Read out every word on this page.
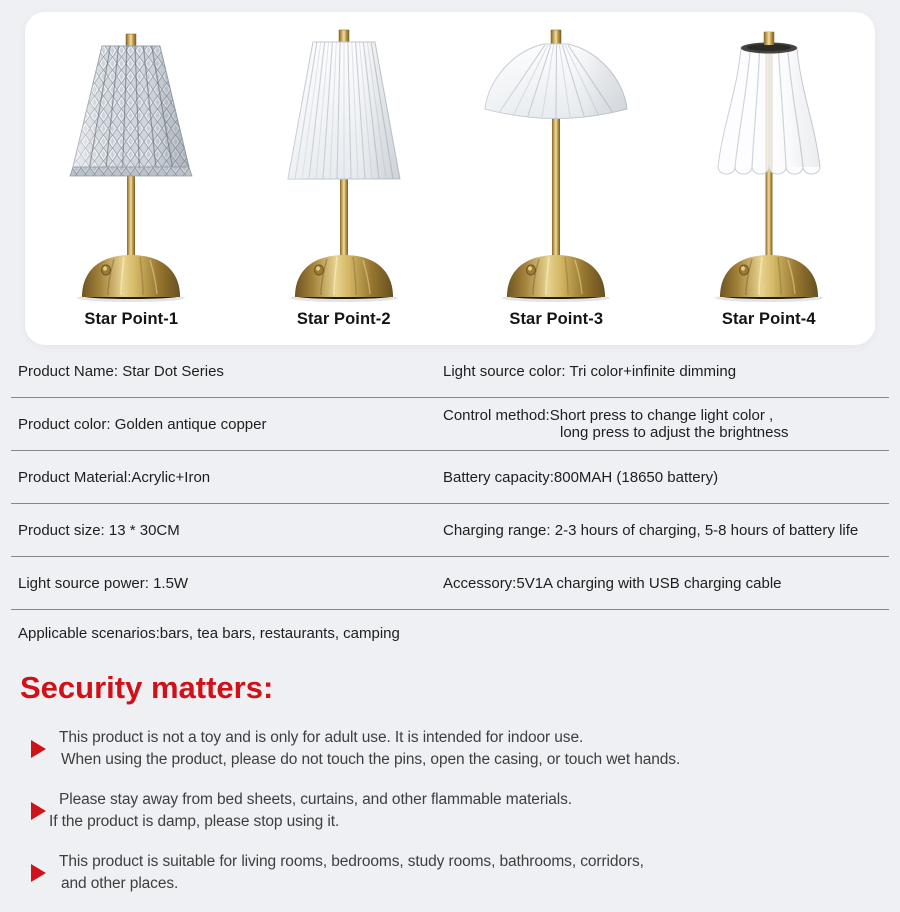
Star Point-1	Star Point-2	Star Point-3	Star Point-4
Product Name: Star Dot Series	Light source color: Tri color+infinite dimming
Product color: Golden antique copper	Control method:Short press to change light color ,
long press to adjust the brightness
Product Material:Acrylic+Iron	Battery capacity:800MAH (18650 battery)
Product size: 13 * 30CM	Charging range: 2-3 hours of charging, 5-8 hours of battery life
Light source power: 1.5W	Accessory:5V1A charging with USB charging cable
Applicable scenarios:bars, tea bars, restaurants, camping
Security matters:
This product is not a toy and is only for adult use. It is intended for indoor use.
When using the product, please do not touch the pins, open the casing, or touch wet hands.
Please stay away from bed sheets, curtains, and other flammable materials.
If the product is damp, please stop using it.
This product is suitable for living rooms, bedrooms, study rooms, bathrooms, corridors,
and other places.
